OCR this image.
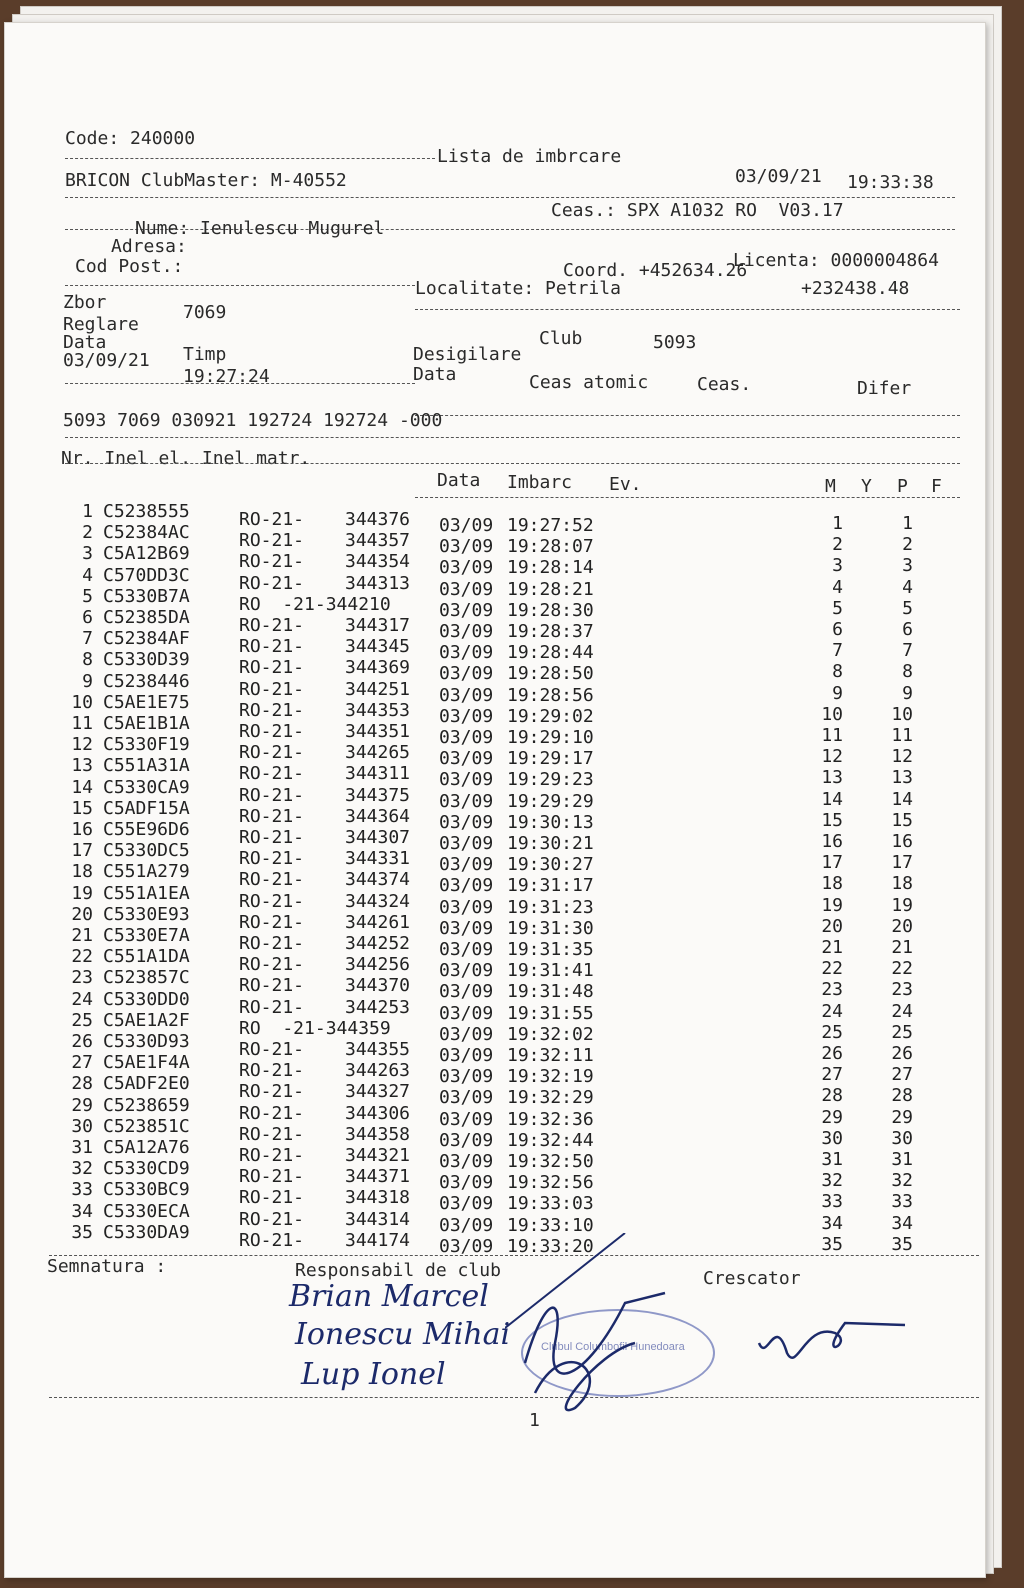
Code: 240000
Lista de imbrcare
03/09/21 19:33:38
BRICON ClubMaster: M-40552
Ceas.: SPX A1032 RO  V03.17
Nume: Ienulescu Mugurel
Adresa:
Cod Post.:	Licenta: 0000004864
Coord. +452634.26
+232438.48
Localitate: Petrila
Zbor	7069
Reglare
Club	5093
Data
Timp	Desigilare
03/09/21
19:27:24	Data	Ceas atomic	Ceas.	Difer
5093 7069 030921 192724 192724 -000
Nr. Inel el. Inel matr.
Data Imbarc Ev.	M Y P F
1 C5238555	RO-21- 344376 03/09 19:27:52	1	1
2 C52384AC	RO-21- 344357 03/09 19:28:07	2	2
3 C5A12B69	RO-21- 344354 03/09 19:28:14	3	3
4 C570DD3C	RO-21- 344313 03/09 19:28:21	4	4
5 C5330B7A	RO  -21-344210	03/09 19:28:30	5	5
6 C52385DA	RO-21- 344317 03/09 19:28:37	6	6
7 C52384AF	RO-21- 344345 03/09 19:28:44	7	7
8 C5330D39	RO-21- 344369 03/09 19:28:50	8	8
9 C5238446	RO-21- 344251 03/09 19:28:56	9	9
10 C5AE1E75	RO-21- 344353 03/09 19:29:02	10	10
11 C5AE1B1A	RO-21- 344351 03/09 19:29:10	11	11
12 C5330F19	RO-21- 344265 03/09 19:29:17	12	12
13 C551A31A	RO-21- 344311 03/09 19:29:23	13	13
14 C5330CA9	RO-21- 344375 03/09 19:29:29	14	14
15 C5ADF15A	RO-21- 344364 03/09 19:30:13	15	15
16 C55E96D6	RO-21- 344307 03/09 19:30:21	16	16
17 C5330DC5	RO-21- 344331 03/09 19:30:27	17	17
18 C551A279	RO-21- 344374 03/09 19:31:17	18	18
19 C551A1EA	RO-21- 344324 03/09 19:31:23	19	19
20 C5330E93	RO-21- 344261 03/09 19:31:30	20	20
21 C5330E7A	RO-21- 344252 03/09 19:31:35	21	21
22 C551A1DA	RO-21- 344256 03/09 19:31:41	22	22
23 C523857C	RO-21- 344370 03/09 19:31:48	23	23
24 C5330DD0	RO-21- 344253 03/09 19:31:55	24	24
25 C5AE1A2F	RO  -21-344359	03/09 19:32:02	25	25
26 C5330D93	RO-21- 344355 03/09 19:32:11	26	26
27 C5AE1F4A	RO-21- 344263 03/09 19:32:19	27	27
28 C5ADF2E0	RO-21- 344327 03/09 19:32:29	28	28
29 C5238659	RO-21- 344306 03/09 19:32:36	29	29
30 C523851C	RO-21- 344358 03/09 19:32:44	30	30
31 C5A12A76	RO-21- 344321 03/09 19:32:50	31	31
32 C5330CD9	RO-21- 344371 03/09 19:32:56	32	32
33 C5330BC9	RO-21- 344318 03/09 19:33:03	33	33
34 C5330ECA	RO-21- 344314 03/09 19:33:10	34	34
35 C5330DA9	RO-21- 344174 03/09 19:33:20	35	35
Semnatura :	Responsabil de club	Crescator
Brian Marcel
Ionescu Mihai
Lup Ionel
Clubul Columbofil Hunedoara
1
